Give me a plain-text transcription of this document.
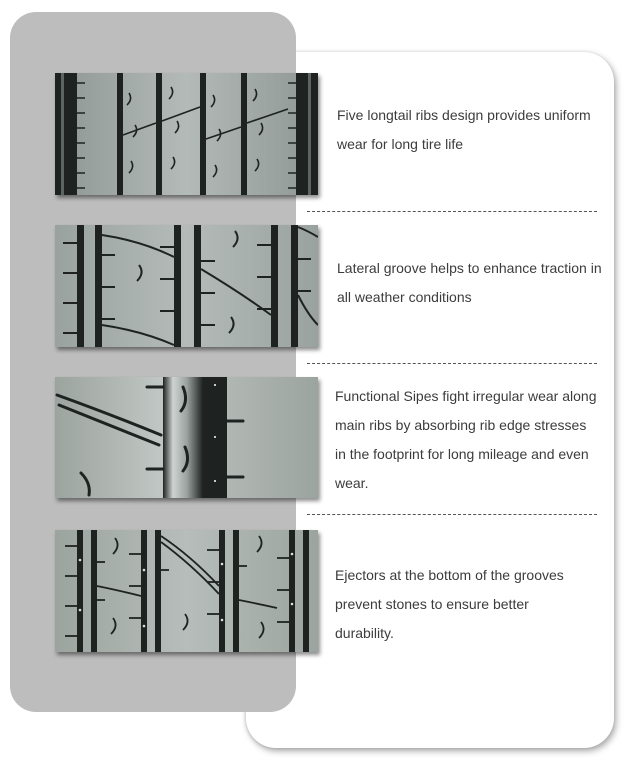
Five longtail ribs design provides uniform wear for long tire life
Lateral groove helps to enhance traction in all weather conditions
Functional Sipes fight irregular wear along main ribs by absorbing rib edge stresses in the footprint for long mileage and even wear.
Ejectors at the bottom of the grooves prevent stones to ensure better durability.
